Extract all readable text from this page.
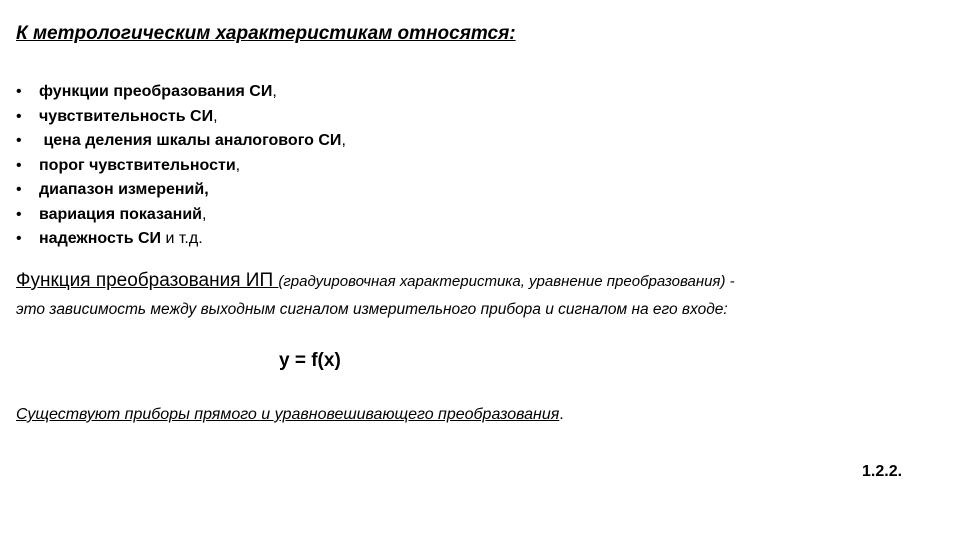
К метрологическим характеристикам относятся:
• функции преобразования СИ,
• чувствительность СИ,
• цена деления шкалы аналогового СИ,
• порог чувствительности,
• диапазон измерений,
• вариация показаний,
• надежность СИ и т.д.
Функция преобразования ИП (градуировочная характеристика, уравнение преобразования) -
это зависимость между выходным сигналом измерительного прибора и сигналом на его входе:
y = f(x)
Существуют приборы прямого и уравновешивающего преобразования.
1.2.2.
